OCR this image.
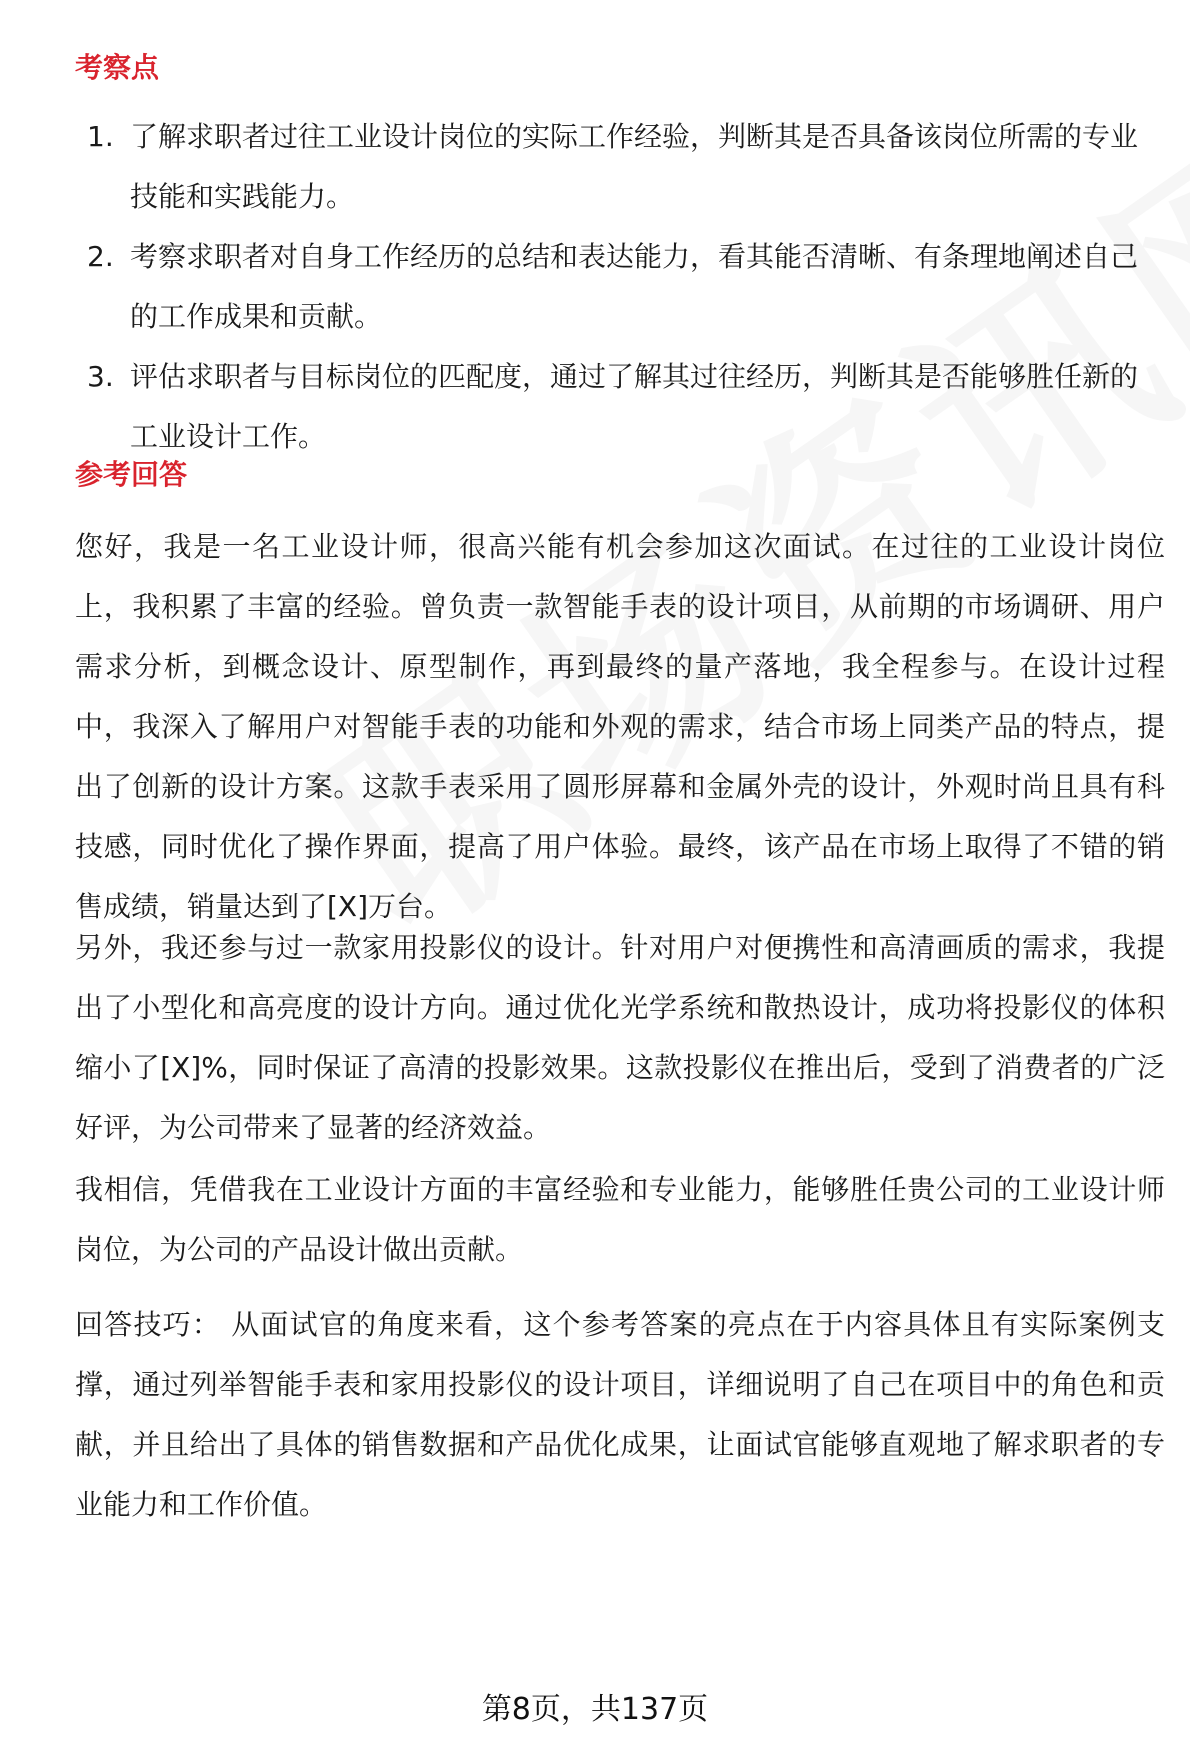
考察点
1. 了解求职者过往工业设计岗位的实际工作经验，判断其是否具备该岗位所需的专业技能和实践能力。
2. 考察求职者对自身工作经历的总结和表达能力，看其能否清晰、有条理地阐述自己的工作成果和贡献。
3. 评估求职者与目标岗位的匹配度，通过了解其过往经历，判断其是否能够胜任新的工业设计工作。
参考回答

您好，我是一名工业设计师，很高兴能有机会参加这次面试。在过往的工业设计岗位上，我积累了丰富的经验。曾负责一款智能手表的设计项目，从前期的市场调研、用户需求分析，到概念设计、原型制作，再到最终的量产落地，我全程参与。在设计过程中，我深入了解用户对智能手表的功能和外观的需求，结合市场上同类产品的特点，提出了创新的设计方案。这款手表采用了圆形屏幕和金属外壳的设计，外观时尚且具有科技感，同时优化了操作界面，提高了用户体验。最终，该产品在市场上取得了不错的销售成绩，销量达到了[X]万台。

另外，我还参与过一款家用投影仪的设计。针对用户对便携性和高清画质的需求，我提出了小型化和高亮度的设计方向。通过优化光学系统和散热设计，成功将投影仪的体积缩小了[X]%，同时保证了高清的投影效果。这款投影仪在推出后，受到了消费者的广泛好评，为公司带来了显著的经济效益。

我相信，凭借我在工业设计方面的丰富经验和专业能力，能够胜任贵公司的工业设计师岗位，为公司的产品设计做出贡献。

回答技巧： 从面试官的角度来看，这个参考答案的亮点在于内容具体且有实际案例支撑，通过列举智能手表和家用投影仪的设计项目，详细说明了自己在项目中的角色和贡献，并且给出了具体的销售数据和产品优化成果，让面试官能够直观地了解求职者的专业能力和工作价值。

第8页，共137页
